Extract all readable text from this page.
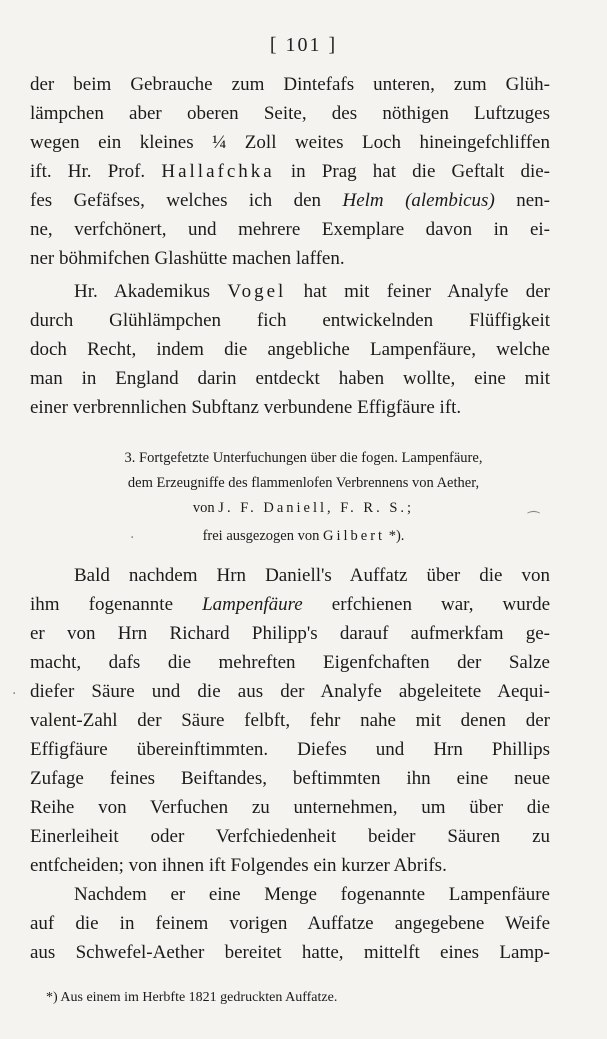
[ 101 ]
der beim Gebrauche zum Dintefafs unteren, zum Glüh-
lämpchen aber oberen Seite, des nöthigen Luftzuges
wegen ein kleines ¼ Zoll weites Loch hineingefchliffen
ift. Hr. Prof. Hallafchka in Prag hat die Geftalt die-
fes Gefäfses, welches ich den Helm (alembicus) nen-
ne, verfchönert, und mehrere Exemplare davon in ei-
ner böhmifchen Glashütte machen laffen.
Hr. Akademikus Vogel hat mit feiner Analyfe der
durch Glühlämpchen fich entwickelnden Flüffigkeit
doch Recht, indem die angebliche Lampenfäure, welche
man in England darin entdeckt haben wollte, eine mit
einer verbrennlichen Subftanz verbundene Effigfäure ift.
3. Fortgefetzte Unterfuchungen über die fogen. Lampenfäure,
dem Erzeugniffe des flammenlofen Verbrennens von Aether,
von J. F. Daniell, F. R. S.;
frei ausgezogen von Gilbert *).
Bald nachdem Hrn Daniell's Auffatz über die von
ihm fogenannte Lampenfäure erfchienen war, wurde
er von Hrn Richard Philipp's darauf aufmerkfam ge-
macht, dafs die mehreften Eigenfchaften der Salze
diefer Säure und die aus der Analyfe abgeleitete Aequi-
valent-Zahl der Säure felbft, fehr nahe mit denen der
Effigfäure übereinftimmten. Diefes und Hrn Phillips
Zufage feines Beiftandes, beftimmten ihn eine neue
Reihe von Verfuchen zu unternehmen, um über die
Einerleiheit oder Verfchiedenheit beider Säuren zu
entfcheiden; von ihnen ift Folgendes ein kurzer Abrifs.
Nachdem er eine Menge fogenannte Lampenfäure
auf die in feinem vorigen Auffatze angegebene Weife
aus Schwefel-Aether bereitet hatte, mittelft eines Lamp-
*) Aus einem im Herbfte 1821 gedruckten Auffatze.
⁀
·
·
